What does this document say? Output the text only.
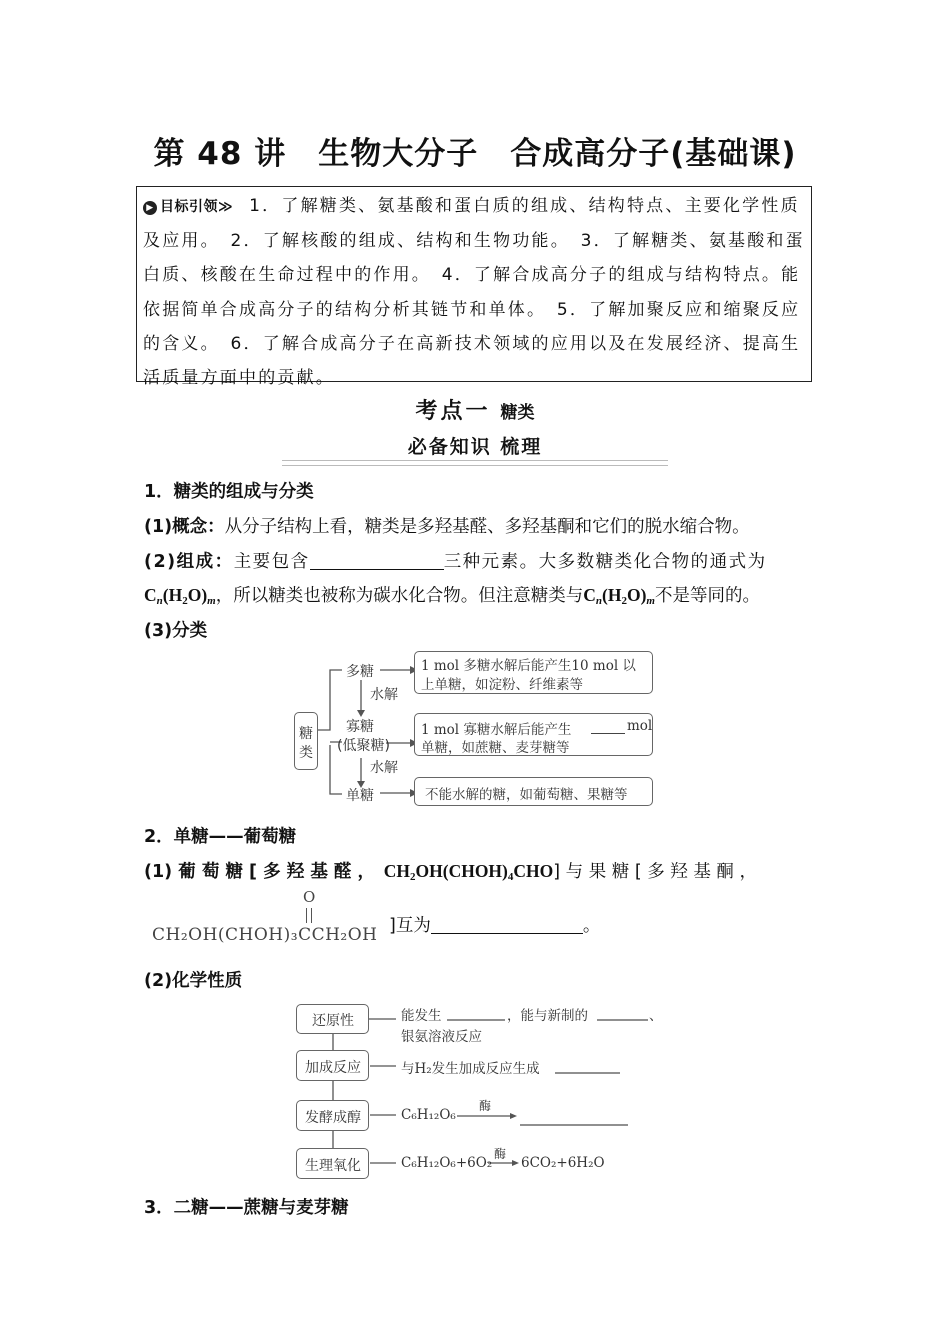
第 48 讲　生物大分子　合成高分子(基础课)
▶ 目标引领≫ 1．了解糖类、氨基酸和蛋白质的组成、结构特点、主要化学性质及应用。　2．了解核酸的组成、结构和生物功能。　3．了解糖类、氨基酸和蛋白质、核酸在生命过程中的作用。　4．了解合成高分子的组成与结构特点。能依据简单合成高分子的结构分析其链节和单体。　5．了解加聚反应和缩聚反应的含义。　6．了解合成高分子在高新技术领域的应用以及在发展经济、提高生活质量方面中的贡献。
考点一 糖类
必备知识 梳理
1．糖类的组成与分类
(1)概念：从分子结构上看，糖类是多羟基醛、多羟基酮和它们的脱水缩合物。
(2)组成：主要包含	三种元素。大多数糖类化合物的通式为
$C_n(H_2O)_m$，所以糖类也被称为碳水化合物。但注意糖类与$C_n(H_2O)_m$不是等同的。
(3)分类
糖
类
多糖
寡糖
(低聚糖)
单糖
水解
水解
1 mol 多糖水解后能产生10 mol 以
上单糖，如淀粉、纤维素等
1 mol 寡糖水解后能产生	mol
单糖，如蔗糖、麦芽糖等
不能水解的糖，如葡萄糖、果糖等
2．单糖——葡萄糖
(1) 葡 萄 糖 [ 多 羟 基 醛 ，　 $CH_2OH(CHOH)_4CHO$] 与 果 糖 [ 多 羟 基 酮 ，
O
CH₂OH(CHOH)₃CCH₂OH ]互为	。
(2)化学性质
还原性
加成反应
发酵成醇
生理氧化
能发生	，能与新制的	、
银氨溶液反应
与H₂发生加成反应生成
C₆H₁₂O₆
酶
C₆H₁₂O₆+6O₂
酶
6CO₂+6H₂O
3．二糖——蔗糖与麦芽糖
